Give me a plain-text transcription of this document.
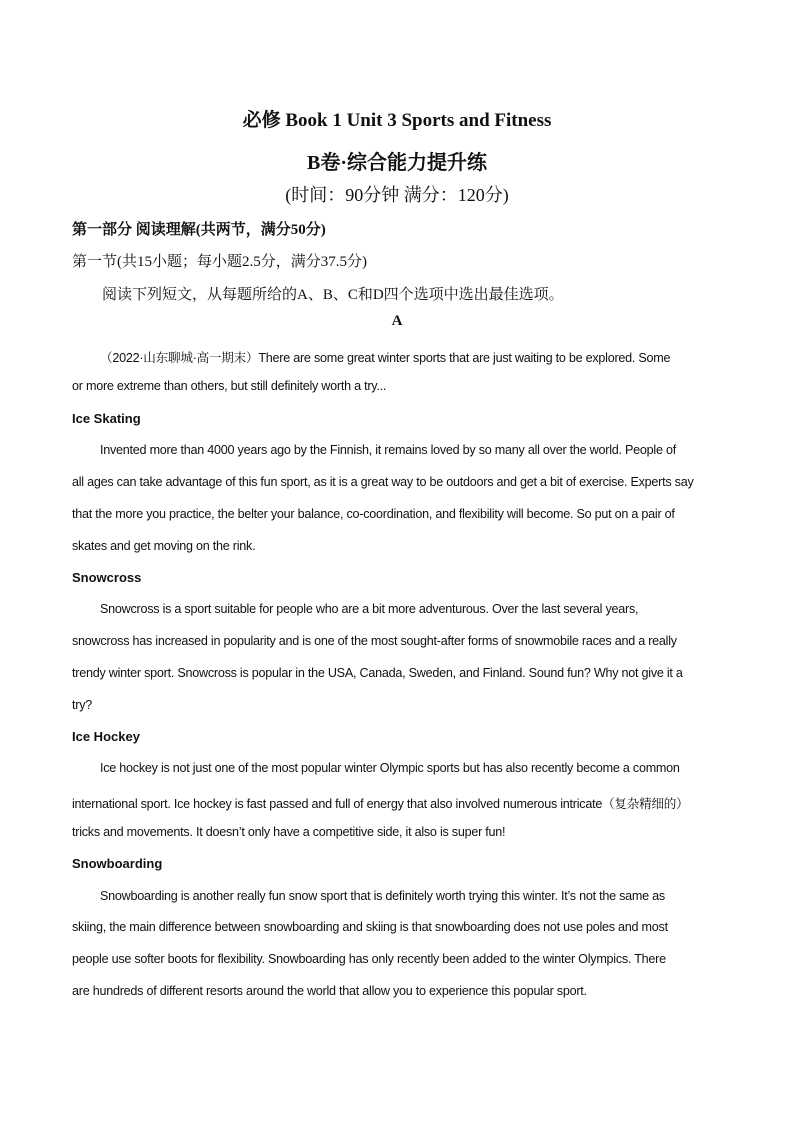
必修 Book 1 Unit 3 Sports and Fitness
B卷·综合能力提升练
(时间：90分钟 满分：120分)
第一部分 阅读理解(共两节，满分50分)
第一节(共15小题；每小题2.5分，满分37.5分)
阅读下列短文，从每题所给的A、B、C和D四个选项中选出最佳选项。
A
（2022·山东聊城·高一期末）There are some great winter sports that are just waiting to be explored. Some
or more extreme than others, but still definitely worth a try...
Ice Skating
Invented more than 4000 years ago by the Finnish, it remains loved by so many all over the world. People of
all ages can take advantage of this fun sport, as it is a great way to be outdoors and get a bit of exercise. Experts say
that the more you practice, the belter your balance, co-coordination, and flexibility will become. So put on a pair of
skates and get moving on the rink.
Snowcross
Snowcross is a sport suitable for people who are a bit more adventurous. Over the last several years,
snowcross has increased in popularity and is one of the most sought-after forms of snowmobile races and a really
trendy winter sport. Snowcross is popular in the USA, Canada, Sweden, and Finland. Sound fun? Why not give it a
try?
Ice Hockey
Ice hockey is not just one of the most popular winter Olympic sports but has also recently become a common
international sport. Ice hockey is fast passed and full of energy that also involved numerous intricate（复杂精细的）
tricks and movements. It doesn’t only have a competitive side, it also is super fun!
Snowboarding
Snowboarding is another really fun snow sport that is definitely worth trying this winter. It’s not the same as
skiing, the main difference between snowboarding and skiing is that snowboarding does not use poles and most
people use softer boots for flexibility. Snowboarding has only recently been added to the winter Olympics. There
are hundreds of different resorts around the world that allow you to experience this popular sport.
